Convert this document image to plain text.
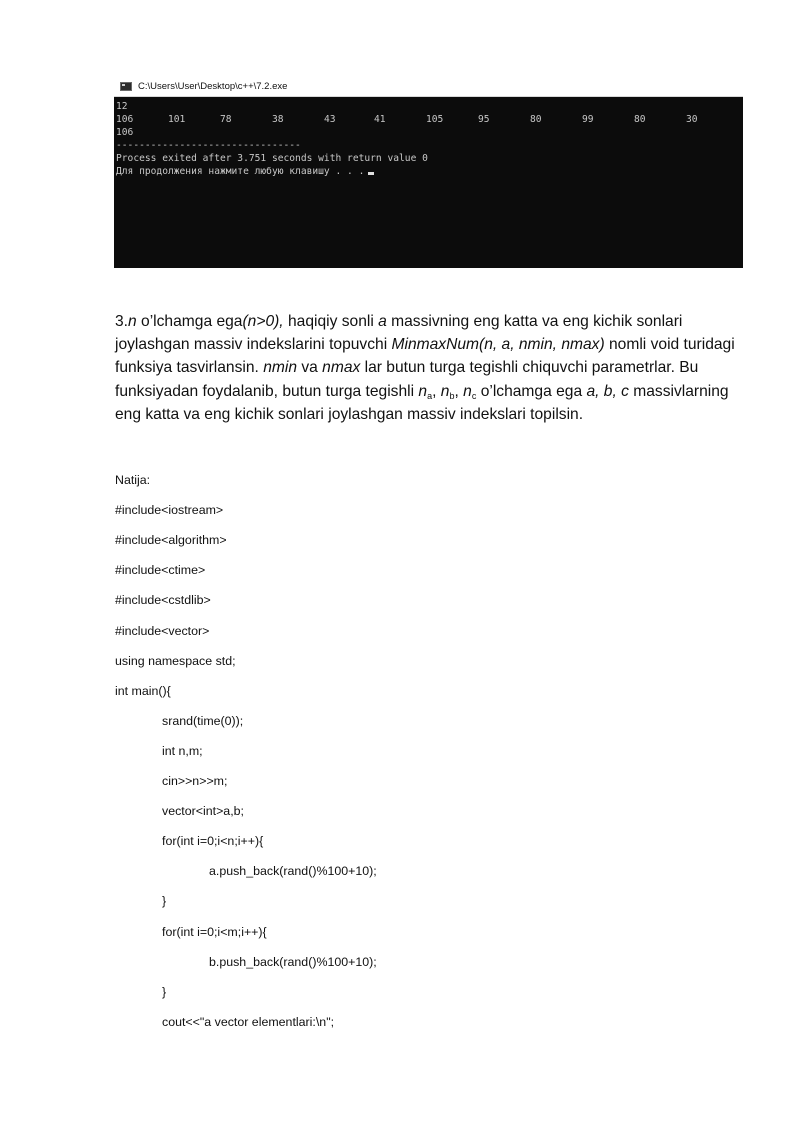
C:\Users\User\Desktop\c++\7.2.exe
12
106	101	78	38	43	41	105	95	80	99	80	30
106
--------------------------------
Process exited after 3.751 seconds with return value 0
Для продолжения нажмите любую клавишу . . .
3.n o’lchamga ega(n>0), haqiqiy sonli a massivning eng katta va eng kichik sonlari joylashgan massiv indekslarini topuvchi MinmaxNum(n, a, nmin, nmax) nomli void turidagi funksiya tasvirlansin. nmin va nmax lar butun turga tegishli chiquvchi parametrlar. Bu funksiyadan foydalanib, butun turga tegishli $n_a$, $n_b$, $n_c$ o’lchamga ega a, b, c massivlarning eng katta va eng kichik sonlari joylashgan massiv indekslari topilsin.
Natija:
#include<iostream>
#include<algorithm>
#include<ctime>
#include<cstdlib>
#include<vector>
using namespace std;
int main(){
srand(time(0));
int n,m;
cin>>n>>m;
vector<int>a,b;
for(int i=0;i<n;i++){
a.push_back(rand()%100+10);
}
for(int i=0;i<m;i++){
b.push_back(rand()%100+10);
}
cout<<"a vector elementlari:\n";
